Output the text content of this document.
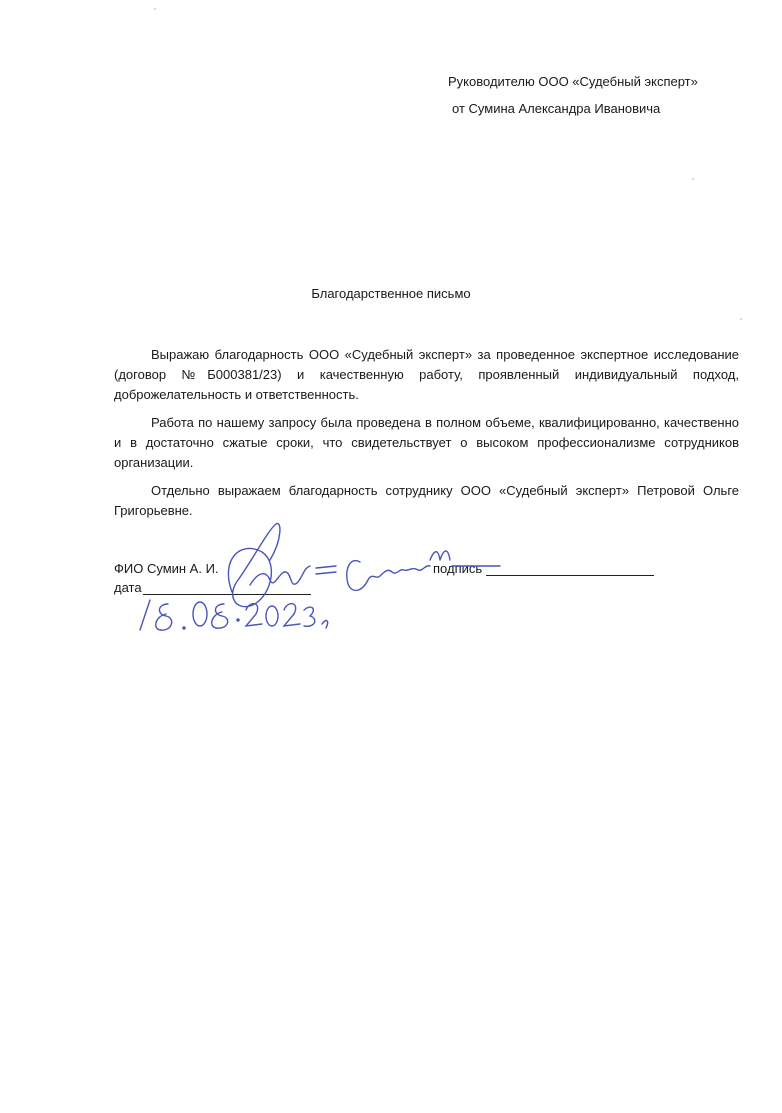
Руководителю ООО «Судебный эксперт»
от Сумина Александра Ивановича
Благодарственное письмо
Выражаю благодарность ООО «Судебный эксперт» за проведенное экспертное исследование (договор №Б000381/23) и качественную работу, проявленный индивидуальный подход, доброжелательность и ответственность.
Работа по нашему запросу была проведена в полном объеме, квалифицированно, качественно и в достаточно сжатые сроки, что свидетельствует о высоком профессионализме сотрудников организации.
Отдельно выражаем благодарность сотруднику ООО «Судебный эксперт» Петровой Ольге Григорьевне.
ФИО Сумин А. И.	подпись
дата
